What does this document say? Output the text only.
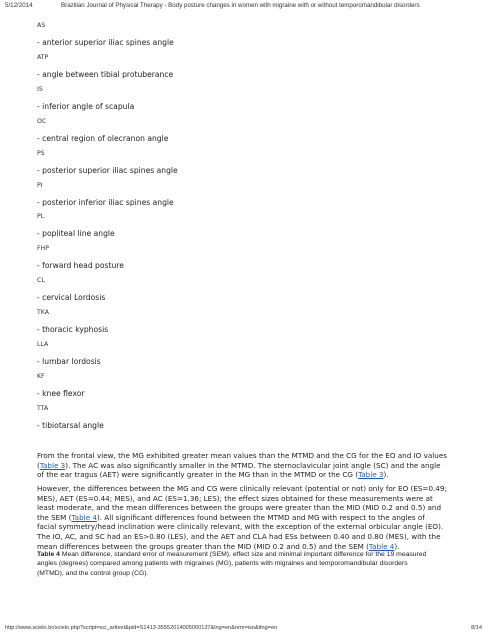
5/12/2014	Brazilian Journal of Physical Therapy - Body posture changes in women with migraine with or without temporomandibular disorders
AS
- anterior superior iliac spines angle
ATP
- angle between tibial protuberance
IS
- inferior angle of scapula
OC
- central region of olecranon angle
PS
- posterior superior iliac spines angle
PI
- posterior inferior iliac spines angle
PL
- popliteal line angle
FHP
- forward head posture
CL
- cervical Lordosis
TKA
- thoracic kyphosis
LLA
- lumbar lordosis
KF
- knee flexor
TTA
- tibiotarsal angle
From the frontal view, the MG exhibited greater mean values than the MTMD and the CG for the EO and IO values
(Table 3). The AC was also significantly smaller in the MTMD. The sternoclavicular joint angle (SC) and the angle
of the ear tragus (AET) were significantly greater in the MG than in the MTMD or the CG (Table 3).
However, the differences between the MG and CG were clinically relevant (potential or not) only for EO (ES=0.49;
MES), AET (ES=0.44; MES), and AC (ES=1.36; LES); the effect sizes obtained for these measurements were at
least moderate, and the mean differences between the groups were greater than the MID (MID 0.2 and 0.5) and
the SEM (Table 4). All significant differences found between the MTMD and MG with respect to the angles of
facial symmetry/head inclination were clinically relevant, with the exception of the external orbicular angle (EO).
The IO, AC, and SC had an ES>0.80 (LES), and the AET and CLA had ESs between 0.40 and 0.80 (MES), with the
mean differences between the groups greater than the MID (MID 0.2 and 0.5) and the SEM (Table 4).
Table 4 Mean difference, standard error of measurement (SEM), effect size and minimal important difference for the 19 measured
angles (degrees) compared among patients with migraines (MG), patients with migraines and temporomandibular disorders
(MTMD), and the control group (CG).
http://www.scielo.br/scielo.php?script=sci_arttext&pid=S1413-35552014005000137&lng=en&nrm=iso&tlng=en	8/14
